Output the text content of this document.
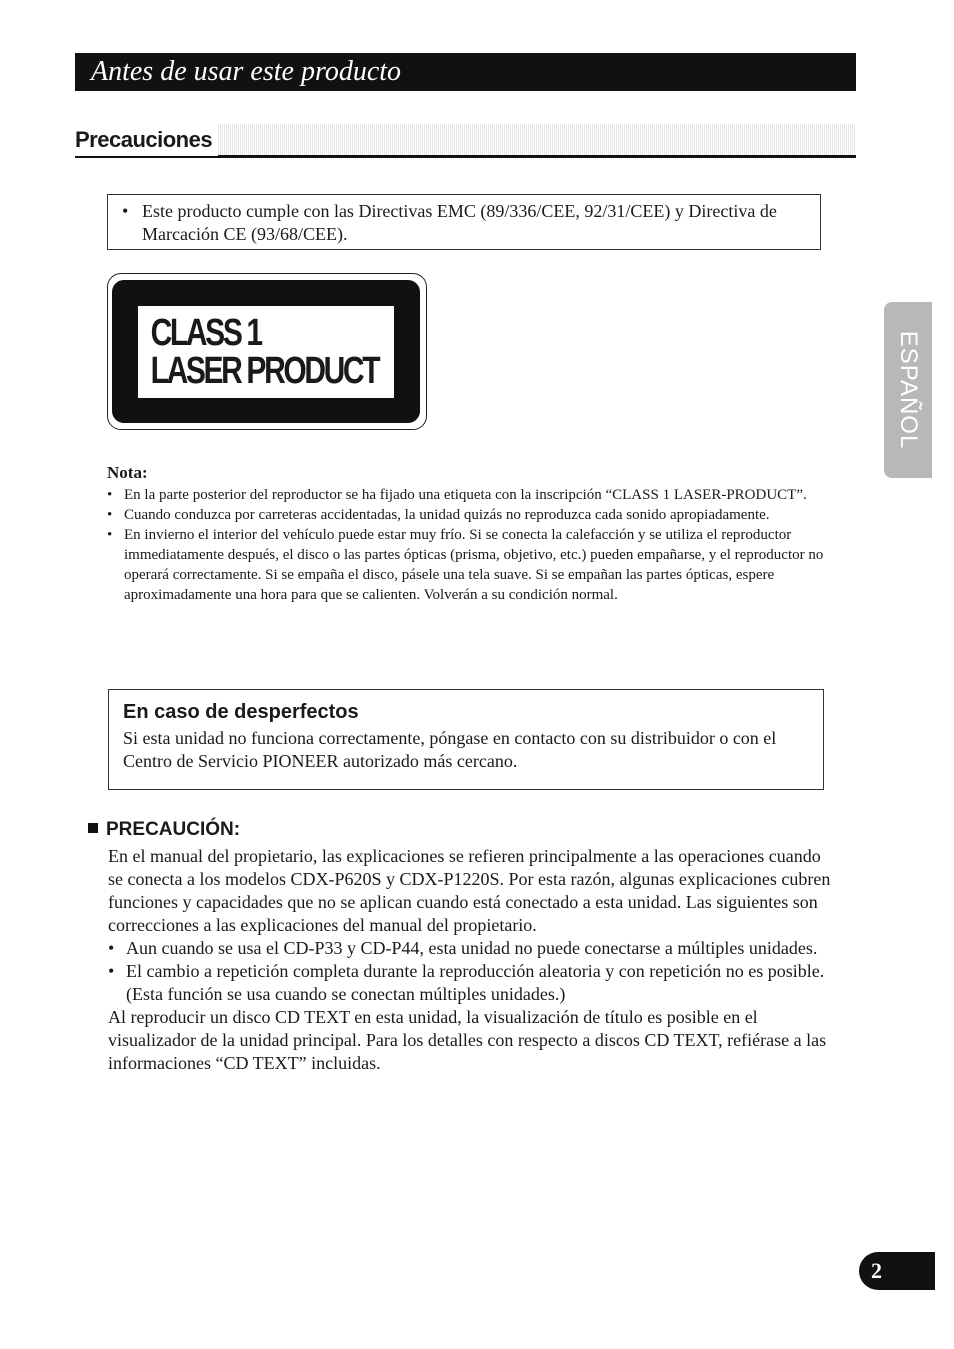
Antes de usar este producto
Precauciones
• Este producto cumple con las Directivas EMC (89/336/CEE, 92/31/CEE) y Directiva de Marcación CE (93/68/CEE).
CLASS 1
LASER PRODUCT	ESPAÑOL
Nota:
• En la parte posterior del reproductor se ha fijado una etiqueta con la inscripción “CLASS 1 LASER-PRODUCT”.
• Cuando conduzca por carreteras accidentadas, la unidad quizás no reproduzca cada sonido apropiadamente.
• En invierno el interior del vehículo puede estar muy frío. Si se conecta la calefacción y se utiliza el reproductor immediatamente después, el disco o las partes ópticas (prisma, objetivo, etc.) pueden empañarse, y el reproductor no operará correctamente. Si se empaña el disco, pásele una tela suave. Si se empañan las partes ópticas, espere aproximadamente una hora para que se calienten. Volverán a su condición normal.
En caso de desperfectos
Si esta unidad no funciona correctamente, póngase en contacto con su distribuidor o con el Centro de Servicio PIONEER autorizado más cercano.
PRECAUCIÓN:

En el manual del propietario, las explicaciones se refieren principalmente a las operaciones cuando se conecta a los modelos CDX-P620S y CDX-P1220S. Por esta razón, algunas explicaciones cubren funciones y capacidades que no se aplican cuando está conectado a esta unidad. Las siguientes son correcciones a las explicaciones del manual del propietario.

• Aun cuando se usa el CD-P33 y CD-P44, esta unidad no puede conectarse a múltiples unidades.
• El cambio a repetición completa durante la reproducción aleatoria y con repetición no es posible. (Esta función se usa cuando se conectan múltiples unidades.)

Al reproducir un disco CD TEXT en esta unidad, la visualización de título es posible en el visualizador de la unidad principal. Para los detalles con respecto a discos CD TEXT, refiérase a las informaciones “CD TEXT” incluidas.

2
